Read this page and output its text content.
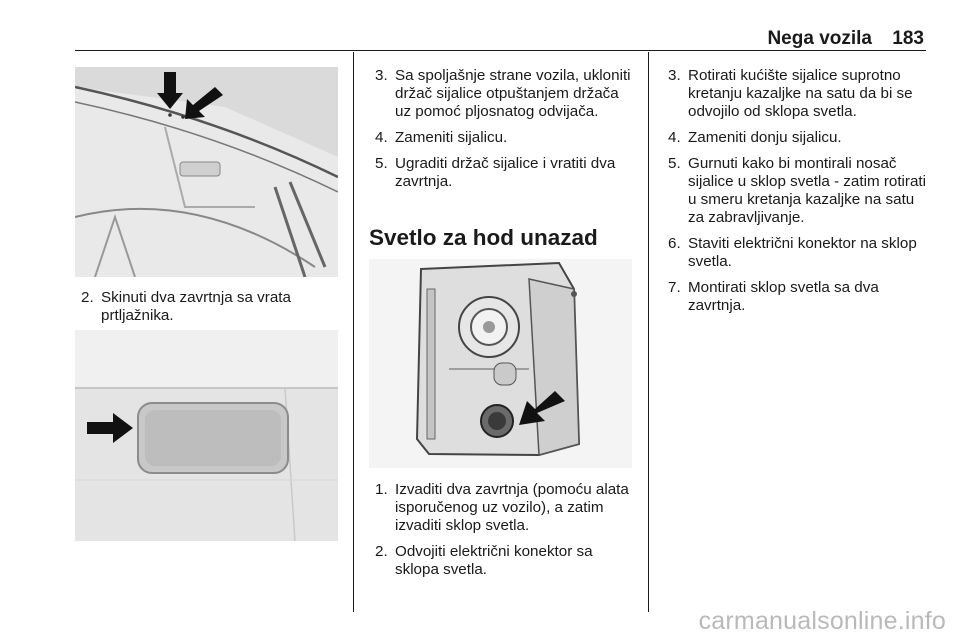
Nega vozila 183
2. Skinuti dva zavrtnja sa vrata prtljažnika.
3. Sa spoljašnje strane vozila, ukloniti držač sijalice otpuštanjem držača uz pomoć pljosnatog odvijača.
4. Zameniti sijalicu.
5. Ugraditi držač sijalice i vratiti dva zavrtnja.
Svetlo za hod unazad
1. Izvaditi dva zavrtnja (pomoću alata isporučenog uz vozilo), a zatim izvaditi sklop svetla.
2. Odvojiti električni konektor sa sklopa svetla.
3. Rotirati kućište sijalice suprotno kretanju kazaljke na satu da bi se odvojilo od sklopa svetla.
4. Zameniti donju sijalicu.
5. Gurnuti kako bi montirali nosač sijalice u sklop svetla - zatim rotirati u smeru kretanja kazaljke na satu za zabravljivanje.
6. Staviti električni konektor na sklop svetla.
7. Montirati sklop svetla sa dva zavrtnja.
carmanualsonline.info
